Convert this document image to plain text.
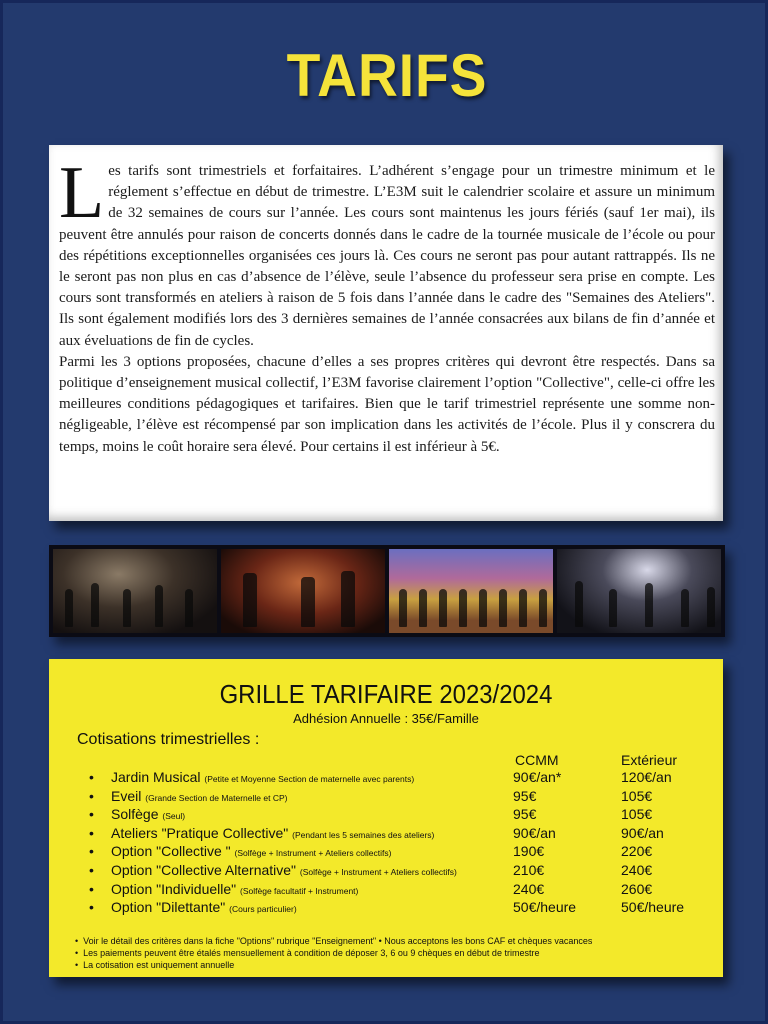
TARIFS
L es tarifs sont trimestriels et forfaitaires. L’adhérent s’engage pour un trimestre minimum et le réglement s’effectue en début de trimestre. L’E3M suit le calendrier scolaire et assure un minimum de 32 semaines de cours sur l’année. Les cours sont maintenus les jours fériés (sauf 1er mai), ils peuvent être annulés pour raison de concerts donnés dans le cadre de la tournée musicale de l’école ou pour des répétitions exceptionnelles organisées ces jours là. Ces cours ne seront pas pour autant rattrappés. Ils ne le seront pas non plus en cas d’absence de l’élève, seule l’absence du professeur sera prise en compte. Les cours sont transformés en ateliers à raison de 5 fois dans l’année dans le cadre des "Semaines des Ateliers". Ils sont également modifiés lors des 3 dernières semaines de l’année consacrées aux bilans de fin d’année et aux éveluations de fin de cycles.

Parmi les 3 options proposées, chacune d’elles a ses propres critères qui devront être respectés. Dans sa politique d’enseignement musical collectif, l’E3M favorise clairement l’option "Collective", celle-ci offre les meilleures conditions pédagogiques et tarifaires. Bien que le tarif trimestriel représente une somme non-négligeable, l’élève est récompensé par son implication dans les activités de l’école. Plus il y conscrera du temps, moins le coût horaire sera élevé. Pour certains il est inférieur à 5€.

GRILLE TARIFAIRE 2023/2024
Adhésion Annuelle : 35€/Famille
Cotisations trimestrielles :
CCMM	Extérieur
• Jardin Musical (Petite et Moyenne Section de maternelle avec parents)	90€/an*	120€/an
• Eveil (Grande Section de Maternelle et CP)	95€	105€
• Solfège (Seul)	95€	105€
• Ateliers "Pratique Collective" (Pendant les 5 semaines des ateliers)	90€/an	90€/an
• Option "Collective " (Solfège + Instrument + Ateliers collectifs)	190€	220€
• Option "Collective Alternative" (Solfège + Instrument + Ateliers collectifs)	210€	240€
• Option "Individuelle" (Solfège facultatif + Instrument)	240€	260€
• Option "Dilettante" (Cours particulier)	50€/heure	50€/heure
•  Voir le détail des critères dans la fiche "Options" rubrique "Enseignement" • Nous acceptons les bons CAF et chèques vacances
•  Les paiements peuvent être étalés mensuellement à condition de déposer 3, 6 ou 9 chèques en début de trimestre
•  La cotisation est uniquement annuelle
